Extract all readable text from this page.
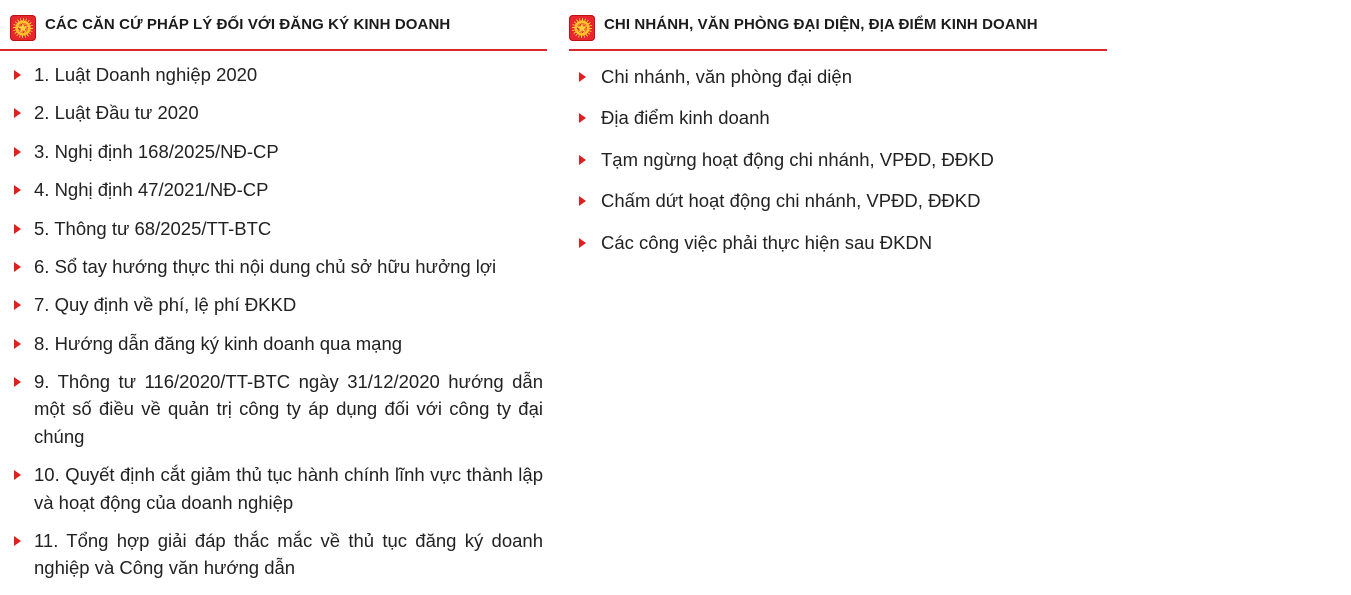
CÁC CĂN CỨ PHÁP LÝ ĐỐI VỚI ĐĂNG KÝ KINH DOANH
1. Luật Doanh nghiệp 2020
2. Luật Đầu tư 2020
3. Nghị định 168/2025/NĐ-CP
4. Nghị định 47/2021/NĐ-CP
5. Thông tư 68/2025/TT-BTC
6. Sổ tay hướng thực thi nội dung chủ sở hữu hưởng lợi
7. Quy định về phí, lệ phí ĐKKD
8. Hướng dẫn đăng ký kinh doanh qua mạng
9. Thông tư 116/2020/TT-BTC ngày 31/12/2020 hướng dẫn một số điều về quản trị công ty áp dụng đối với công ty đại chúng
10. Quyết định cắt giảm thủ tục hành chính lĩnh vực thành lập và hoạt động của doanh nghiệp
11. Tổng hợp giải đáp thắc mắc về thủ tục đăng ký doanh nghiệp và Công văn hướng dẫn
CHI NHÁNH, VĂN PHÒNG ĐẠI DIỆN, ĐỊA ĐIỂM KINH DOANH
Chi nhánh, văn phòng đại diện
Địa điểm kinh doanh
Tạm ngừng hoạt động chi nhánh, VPĐD, ĐĐKD
Chấm dứt hoạt động chi nhánh, VPĐD, ĐĐKD
Các công việc phải thực hiện sau ĐKDN
